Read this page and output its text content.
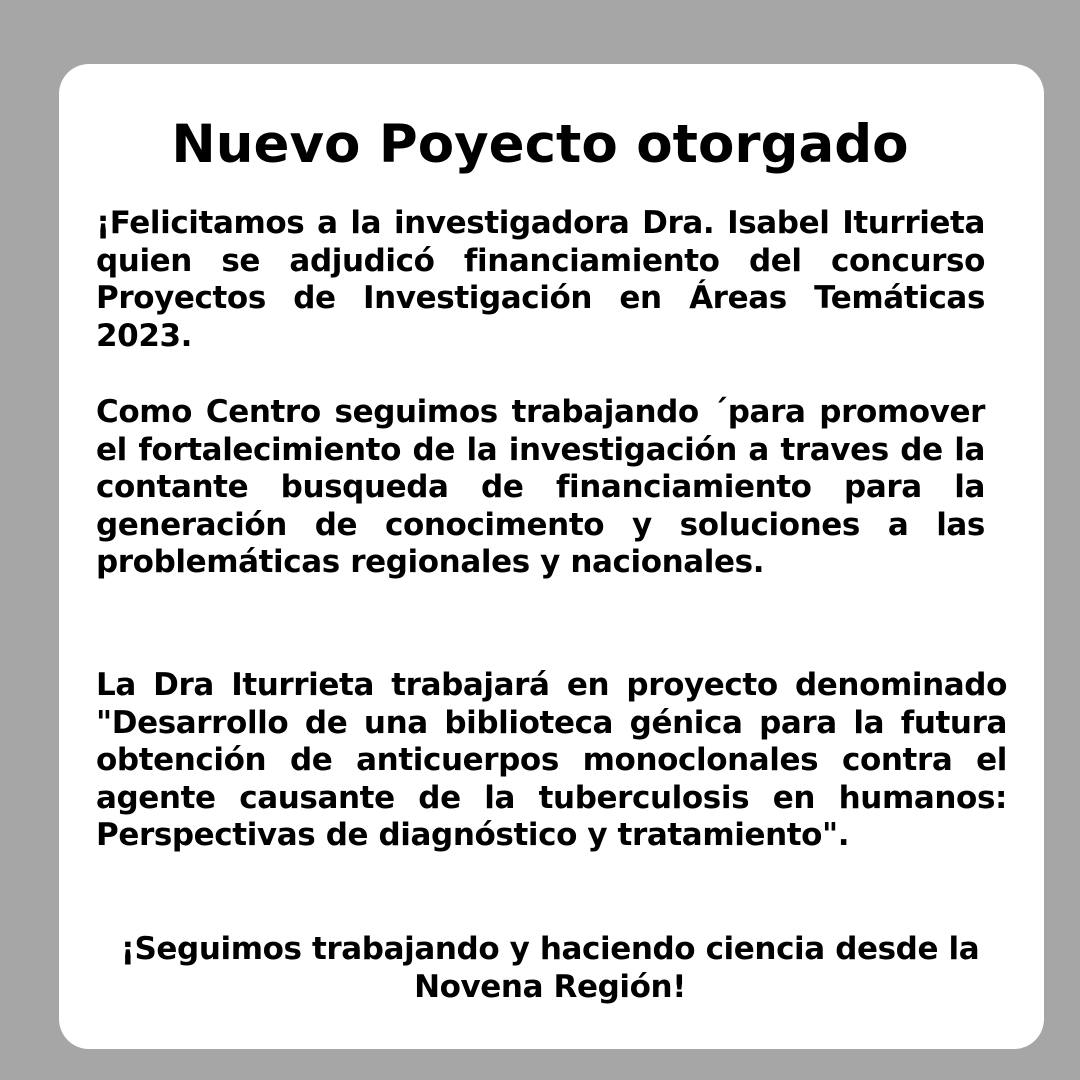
Nuevo Poyecto otorgado

¡Felicitamos a la investigadora Dra. Isabel Iturrieta quien se adjudicó financiamiento del concurso Proyectos de Investigación en Áreas Temáticas 2023.

Como Centro seguimos trabajando ´para promover el fortalecimiento de la investigación a traves de la contante busqueda de financiamiento para la generación de conocimento y soluciones a las problemáticas regionales y nacionales.

La Dra Iturrieta trabajará en proyecto denominado "Desarrollo de una biblioteca génica para la futura obtención de anticuerpos monoclonales contra el agente causante de la tuberculosis en humanos: Perspectivas de diagnóstico y tratamiento".

¡Seguimos trabajando y haciendo ciencia desde la Novena Región!
